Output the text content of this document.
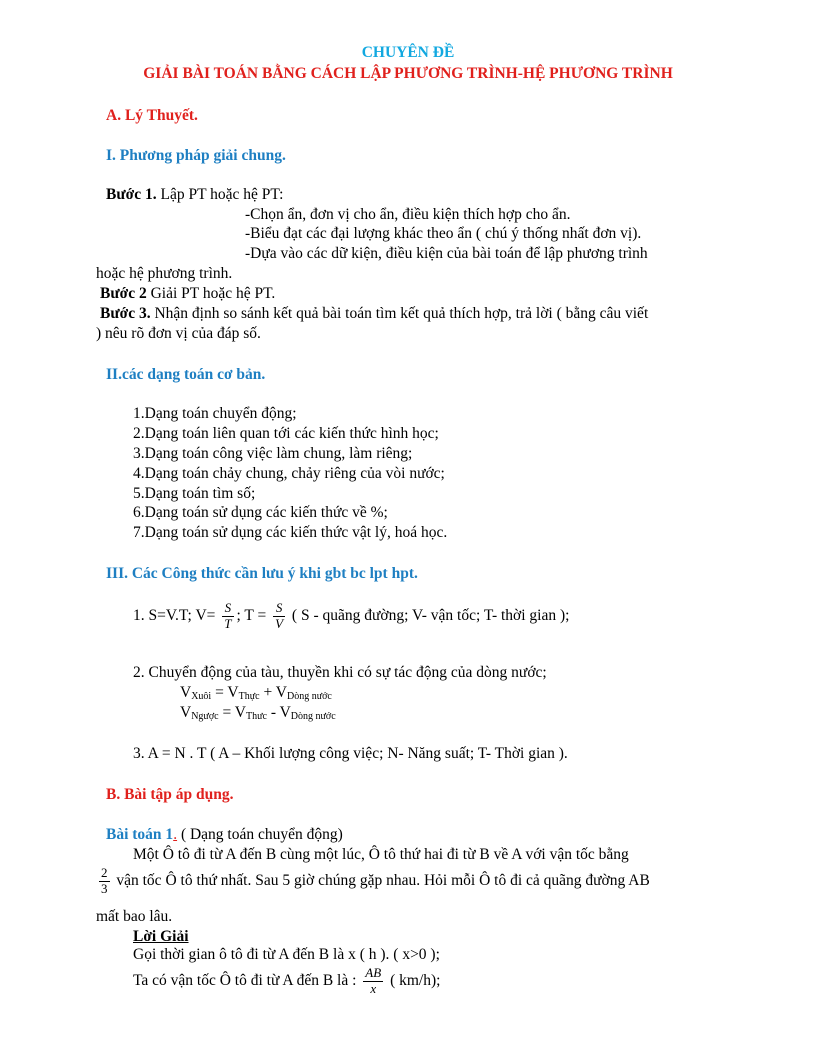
CHUYÊN ĐỀ
GIẢI BÀI TOÁN BẰNG CÁCH LẬP PHƯƠNG TRÌNH-HỆ PHƯƠNG TRÌNH
A. Lý Thuyết.
I. Phương pháp giải chung.
Bước 1. Lập PT hoặc hệ PT:
-Chọn ẩn, đơn vị cho ẩn, điều kiện thích hợp cho ẩn.
-Biểu đạt các đại lượng khác theo ẩn ( chú ý thống nhất đơn vị).
-Dựa vào các dữ kiện, điều kiện của bài toán để lập phương trình
hoặc hệ phương trình.
Bước 2 Giải PT hoặc hệ PT.
Bước 3. Nhận định so sánh kết quả bài toán tìm kết quả thích hợp, trả lời ( bằng câu viết
) nêu rõ đơn vị của đáp số.
II.các dạng toán cơ bản.
1.Dạng toán chuyển động;
2.Dạng toán liên quan tới các kiến thức hình học;
3.Dạng toán công việc làm chung, làm riêng;
4.Dạng toán chảy chung, chảy riêng của vòi nước;
5.Dạng toán tìm số;
6.Dạng toán sử dụng các kiến thức về %;
7.Dạng toán sử dụng các kiến thức vật lý, hoá học.
III. Các Công thức cần lưu ý khi gbt bc lpt hpt.
1. S=V.T; $V= \frac{S}{T}$ ; $T = \frac{S}{V}$ ( S - quãng đường; V- vận tốc; T- thời gian );
2. Chuyển động của tàu, thuyền khi có sự tác động của dòng nước;
$V_{Xuôi} = V_{Thực} + V_{Dòng nước}$
$V_{Ngược} = V_{Thưc} - V_{Dòng nước}$
3. A = N . T ( A – Khối lượng công việc; N- Năng suất; T- Thời gian ).
B. Bài tập áp dụng.
Bài toán 1. ( Dạng toán chuyển động)
Một Ô tô đi từ A đến B cùng một lúc, Ô tô thứ hai đi từ B về A với vận tốc bằng
$\frac{2}{3}$ vận tốc Ô tô thứ nhất. Sau 5 giờ chúng gặp nhau. Hỏi mỗi Ô tô đi cả quãng đường AB
mất bao lâu.
Lời Giải
Gọi thời gian ô tô đi từ A đến B là x ( h ). ( x>0 );
Ta có vận tốc Ô tô đi từ A đến B là : $\frac{AB}{x}$ ( km/h);
